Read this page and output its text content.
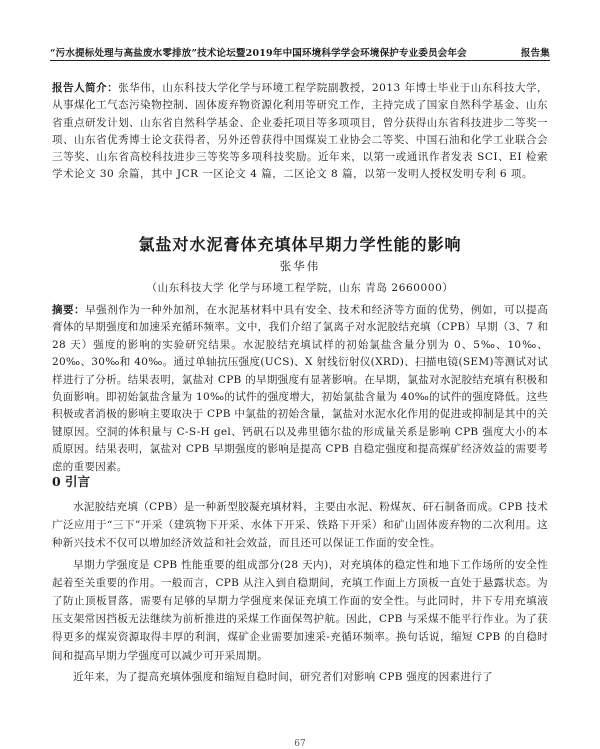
“污水提标处理与高盐废水零排放”技术论坛暨2019年中国环境科学学会环境保护专业委员会年会	报告集
报告人简介：张华伟，山东科技大学化学与环境工程学院副教授，2013 年博士毕业于山东科技大学，从事煤化工气态污染物控制、固体废弃物资源化利用等研究工作，主持完成了国家自然科学基金、山东省重点研发计划、山东省自然科学基金、企业委托项目等多项项目，曾分获得山东省科技进步二等奖一项、山东省优秀博士论文获得者，另外还曾获得中国煤炭工业协会二等奖、中国石油和化学工业联合会三等奖、山东省高校科技进步三等奖等多项科技奖励。近年来，以第一或通讯作者发表 SCI、EI 检索学术论文 30 余篇，其中 JCR 一区论文 4 篇，二区论文 8 篇，以第一发明人授权发明专利 6 项。
氯盐对水泥膏体充填体早期力学性能的影响
张华伟
（山东科技大学 化学与环境工程学院，山东 青岛 2660000）
摘要：早强剂作为一种外加剂，在水泥基材料中具有安全、技术和经济等方面的优势，例如，可以提高膏体的早期强度和加速采充循环频率。文中，我们介绍了氯离子对水泥胶结充填（CPB）早期（3、7 和 28 天）强度的影响的实验研究结果。水泥胶结充填试样的初始氯盐含量分别为 0、5‰、10‰、20‰、30‰和 40‰。通过单轴抗压强度(UCS)、X 射线衍射仪(XRD)、扫描电镜(SEM)等测试对试样进行了分析。结果表明，氯盐对 CPB 的早期强度有显著影响。在早期，氯盐对水泥胶结充填有积极和负面影响。即初始氯盐含量为 10‰的试件的强度增大，初始氯盐含量为 40‰的试件的强度降低。这些积极或者消极的影响主要取决于 CPB 中氯盐的初始含量，氯盐对水泥水化作用的促进或抑制是其中的关键原因。空洞的体积量与 C-S-H gel、钙矾石以及弗里德尔盐的形成量关系是影响 CPB 强度大小的本质原因。结果表明，氯盐对 CPB 早期强度的影响是提高 CPB 自稳定强度和提高煤矿经济效益的需要考虑的重要因素。
0 引言

水泥胶结充填（CPB）是一种新型胶凝充填材料，主要由水泥、粉煤灰、矸石制备而成。CPB 技术广泛应用于“三下”开采（建筑物下开采、水体下开采、铁路下开采）和矿山固体废弃物的二次利用。这种新兴技术不仅可以增加经济效益和社会效益，而且还可以保证工作面的安全性。

早期力学强度是 CPB 性能重要的组成部分(28 天内)，对充填体的稳定性和地下工作场所的安全性起着至关重要的作用。一般而言，CPB 从注入到自稳期间，充填工作面上方顶板一直处于悬露状态。为了防止顶板冒落，需要有足够的早期力学强度来保证充填工作面的安全性。与此同时，井下专用充填液压支架常因挡板无法继续为前析推进的采煤工作面保驾护航。因此，CPB 与采煤不能平行作业。为了获得更多的煤炭资源取得丰厚的利润，煤矿企业需要加速采-充循环频率。换句话说，缩短 CPB 的自稳时间和提高早期力学强度可以减少可开采周期。

近年来，为了提高充填体强度和缩短自稳时间，研究者们对影响 CPB 强度的因素进行了

67
